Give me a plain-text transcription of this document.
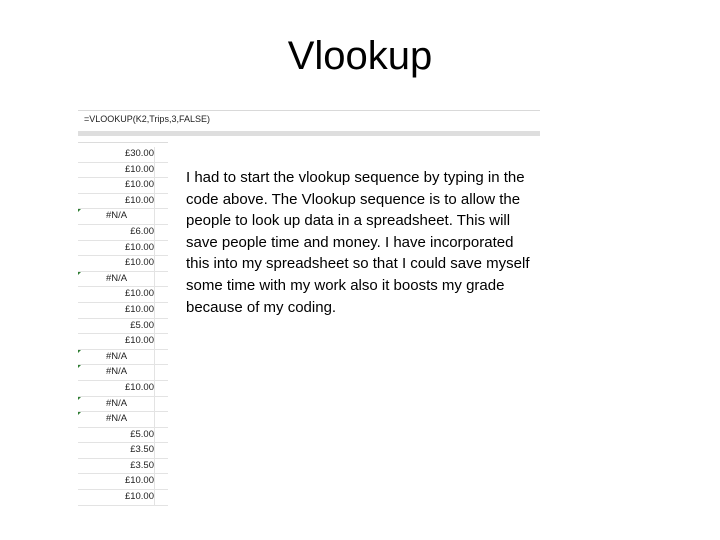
Vlookup
=VLOOKUP(K2,Trips,3,FALSE)
£30.00
£10.00
£10.00
£10.00
#N/A
£6.00
£10.00
£10.00
#N/A
£10.00
£10.00
£5.00
£10.00
#N/A
#N/A
£10.00
#N/A
#N/A
£5.00
£3.50
£3.50
£10.00
£10.00
I had to start the vlookup sequence by typing in the code above. The Vlookup sequence is to allow the people to look up data in a spreadsheet. This will save people time and money. I have incorporated this into my spreadsheet so that I could save myself some time with my work also it boosts my grade because of my coding.
